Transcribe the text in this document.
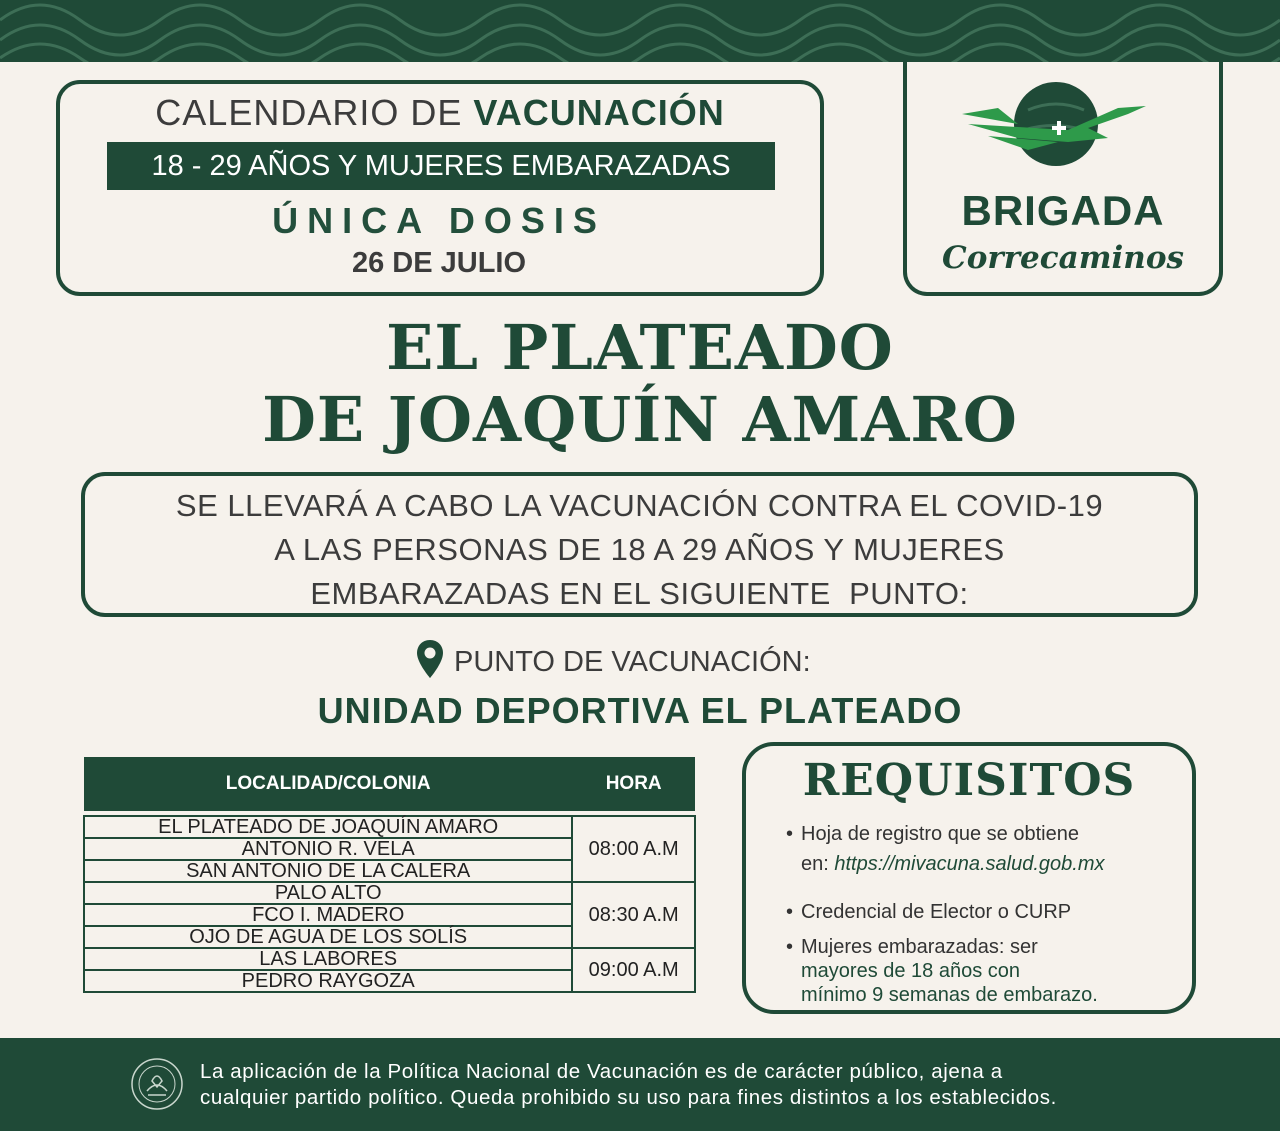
CALENDARIO DE VACUNACIÓN
18 - 29 AÑOS Y MUJERES EMBARAZADAS
ÚNICA DOSIS
26 DE JULIO
BRIGADA
Correcaminos
EL PLATEADO
DE JOAQUÍN AMARO
SE LLEVARÁ A CABO LA VACUNACIÓN CONTRA EL COVID-19
A LAS PERSONAS DE 18 A 29 AÑOS Y MUJERES
EMBARAZADAS EN EL SIGUIENTE  PUNTO:
PUNTO DE VACUNACIÓN:
UNIDAD DEPORTIVA EL PLATEADO
LOCALIDAD/COLONIA	HORA

EL PLATEADO DE JOAQUÍN AMARO	08:00 A.M
ANTONIO R. VELA	
SAN ANTONIO DE LA CALERA	
PALO ALTO	08:30 A.M
FCO I. MADERO	
OJO DE AGUA DE LOS SOLÍS	
LAS LABORES	09:00 A.M
PEDRO RAYGOZA	
REQUISITOS
• Hoja de registro que se obtiene
en: https://mivacuna.salud.gob.mx
• Credencial de Elector o CURP
• Mujeres embarazadas: ser
mayores de 18 años con
mínimo 9 semanas de embarazo.
La aplicación de la Política Nacional de Vacunación es de carácter público, ajena a
cualquier partido político. Queda prohibido su uso para fines distintos a los establecidos.
